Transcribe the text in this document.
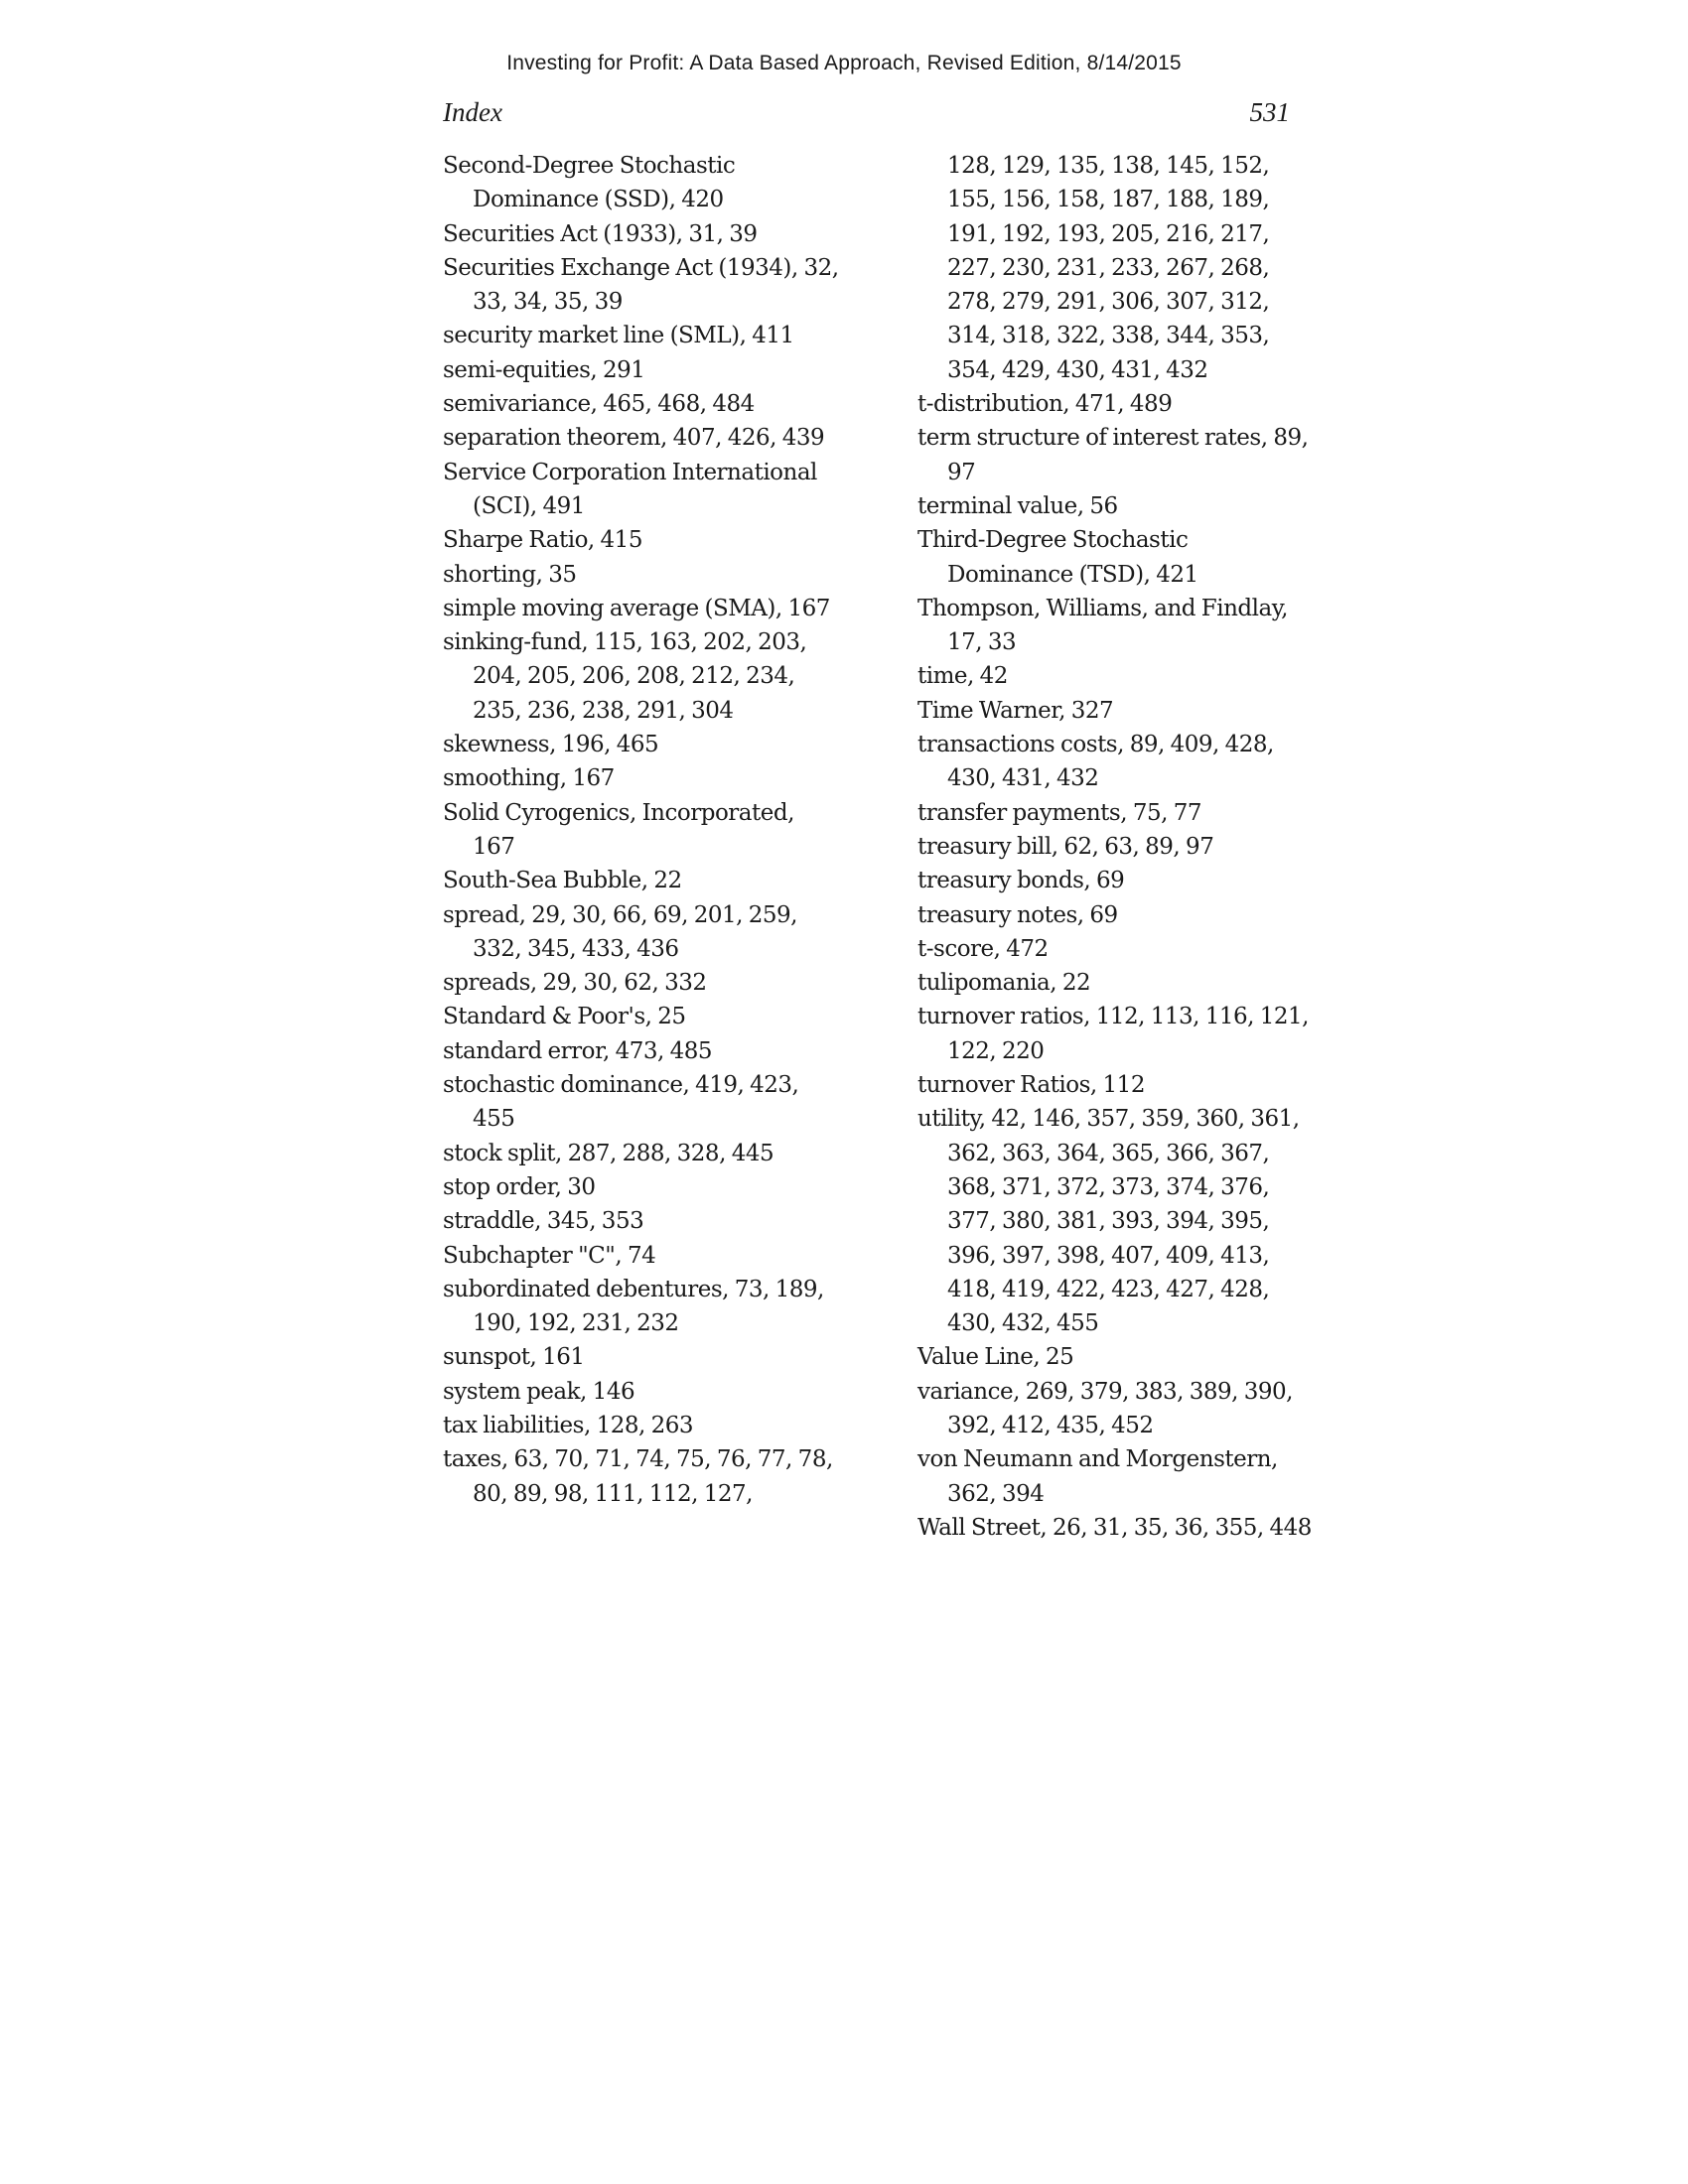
Investing for Profit: A Data Based Approach, Revised Edition, 8/14/2015
Index	531
Second-Degree Stochastic Dominance (SSD), 420
Securities Act (1933), 31, 39
Securities Exchange Act (1934), 32, 33, 34, 35, 39
security market line (SML), 411
semi-equities, 291
semivariance, 465, 468, 484
separation theorem, 407, 426, 439
Service Corporation International (SCI), 491
Sharpe Ratio, 415
shorting, 35
simple moving average (SMA), 167
sinking-fund, 115, 163, 202, 203, 204, 205, 206, 208, 212, 234, 235, 236, 238, 291, 304
skewness, 196, 465
smoothing, 167
Solid Cyrogenics, Incorporated, 167
South-Sea Bubble, 22
spread, 29, 30, 66, 69, 201, 259, 332, 345, 433, 436
spreads, 29, 30, 62, 332
Standard & Poor's, 25
standard error, 473, 485
stochastic dominance, 419, 423, 455
stock split, 287, 288, 328, 445
stop order, 30
straddle, 345, 353
Subchapter "C", 74
subordinated debentures, 73, 189, 190, 192, 231, 232
sunspot, 161
system peak, 146
tax liabilities, 128, 263
taxes, 63, 70, 71, 74, 75, 76, 77, 78, 80, 89, 98, 111, 112, 127,
128, 129, 135, 138, 145, 152, 155, 156, 158, 187, 188, 189, 191, 192, 193, 205, 216, 217, 227, 230, 231, 233, 267, 268, 278, 279, 291, 306, 307, 312, 314, 318, 322, 338, 344, 353, 354, 429, 430, 431, 432
t-distribution, 471, 489
term structure of interest rates, 89, 97
terminal value, 56
Third-Degree Stochastic Dominance (TSD), 421
Thompson, Williams, and Findlay, 17, 33
time, 42
Time Warner, 327
transactions costs, 89, 409, 428, 430, 431, 432
transfer payments, 75, 77
treasury bill, 62, 63, 89, 97
treasury bonds, 69
treasury notes, 69
t-score, 472
tulipomania, 22
turnover ratios, 112, 113, 116, 121, 122, 220
turnover Ratios, 112
utility, 42, 146, 357, 359, 360, 361, 362, 363, 364, 365, 366, 367, 368, 371, 372, 373, 374, 376, 377, 380, 381, 393, 394, 395, 396, 397, 398, 407, 409, 413, 418, 419, 422, 423, 427, 428, 430, 432, 455
Value Line, 25
variance, 269, 379, 383, 389, 390, 392, 412, 435, 452
von Neumann and Morgenstern, 362, 394
Wall Street, 26, 31, 35, 36, 355, 448
